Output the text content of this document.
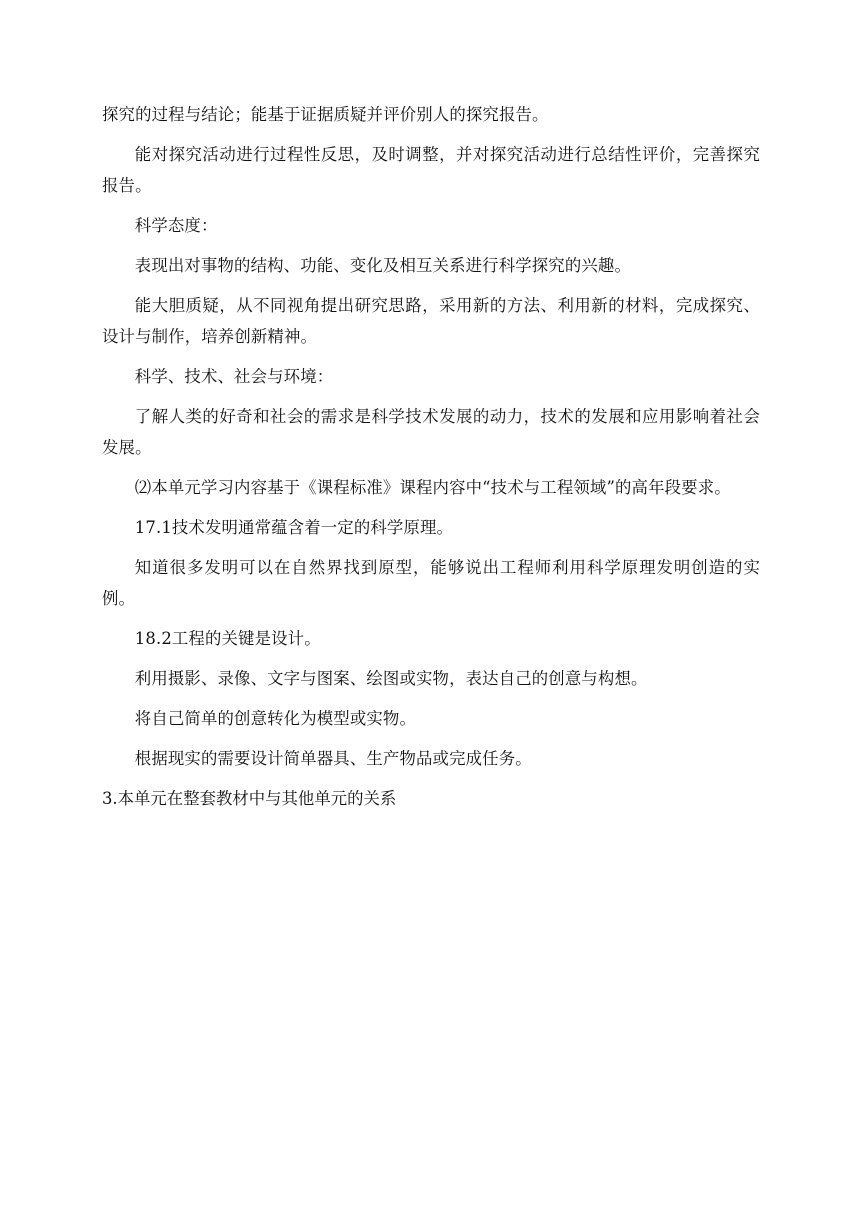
探究的过程与结论；能基于证据质疑并评价别人的探究报告。

能对探究活动进行过程性反思，及时调整，并对探究活动进行总结性评价，完善探究报告。

科学态度：

表现出对事物的结构、功能、变化及相互关系进行科学探究的兴趣。

能大胆质疑，从不同视角提出研究思路，采用新的方法、利用新的材料，完成探究、设计与制作，培养创新精神。

科学、技术、社会与环境：

了解人类的好奇和社会的需求是科学技术发展的动力，技术的发展和应用影响着社会发展。

⑵本单元学习内容基于《课程标准》课程内容中“技术与工程领域”的高年段要求。

17.1技术发明通常蕴含着一定的科学原理。

知道很多发明可以在自然界找到原型，能够说出工程师利用科学原理发明创造的实例。

18.2工程的关键是设计。

利用摄影、录像、文字与图案、绘图或实物，表达自己的创意与构想。

将自己简单的创意转化为模型或实物。

根据现实的需要设计简单器具、生产物品或完成任务。

3.本单元在整套教材中与其他单元的关系
